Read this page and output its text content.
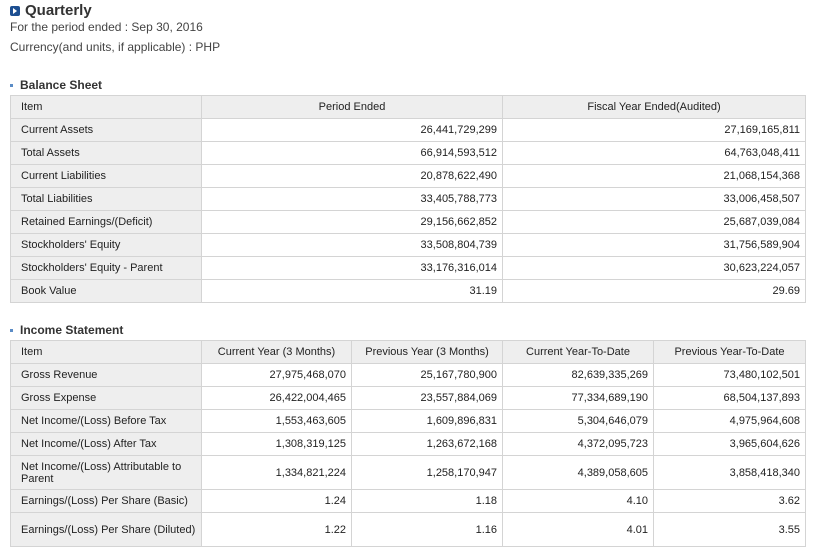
Quarterly
For the period ended : Sep 30, 2016
Currency(and units, if applicable) : PHP
Balance Sheet
Item	Period Ended	Fiscal Year Ended(Audited)
Current Assets	26,441,729,299	27,169,165,811
Total Assets	66,914,593,512	64,763,048,411
Current Liabilities	20,878,622,490	21,068,154,368
Total Liabilities	33,405,788,773	33,006,458,507
Retained Earnings/(Deficit)	29,156,662,852	25,687,039,084
Stockholders' Equity	33,508,804,739	31,756,589,904
Stockholders' Equity - Parent	33,176,316,014	30,623,224,057
Book Value	31.19	29.69
Income Statement
Item	Current Year (3 Months)	Previous Year (3 Months)	Current Year-To-Date	Previous Year-To-Date
Gross Revenue	27,975,468,070	25,167,780,900	82,639,335,269	73,480,102,501
Gross Expense	26,422,004,465	23,557,884,069	77,334,689,190	68,504,137,893
Net Income/(Loss) Before Tax	1,553,463,605	1,609,896,831	5,304,646,079	4,975,964,608
Net Income/(Loss) After Tax	1,308,319,125	1,263,672,168	4,372,095,723	3,965,604,626
Net Income/(Loss) Attributable to Parent	1,334,821,224	1,258,170,947	4,389,058,605	3,858,418,340
Earnings/(Loss) Per Share (Basic)	1.24	1.18	4.10	3.62
Earnings/(Loss) Per Share (Diluted)	1.22	1.16	4.01	3.55
